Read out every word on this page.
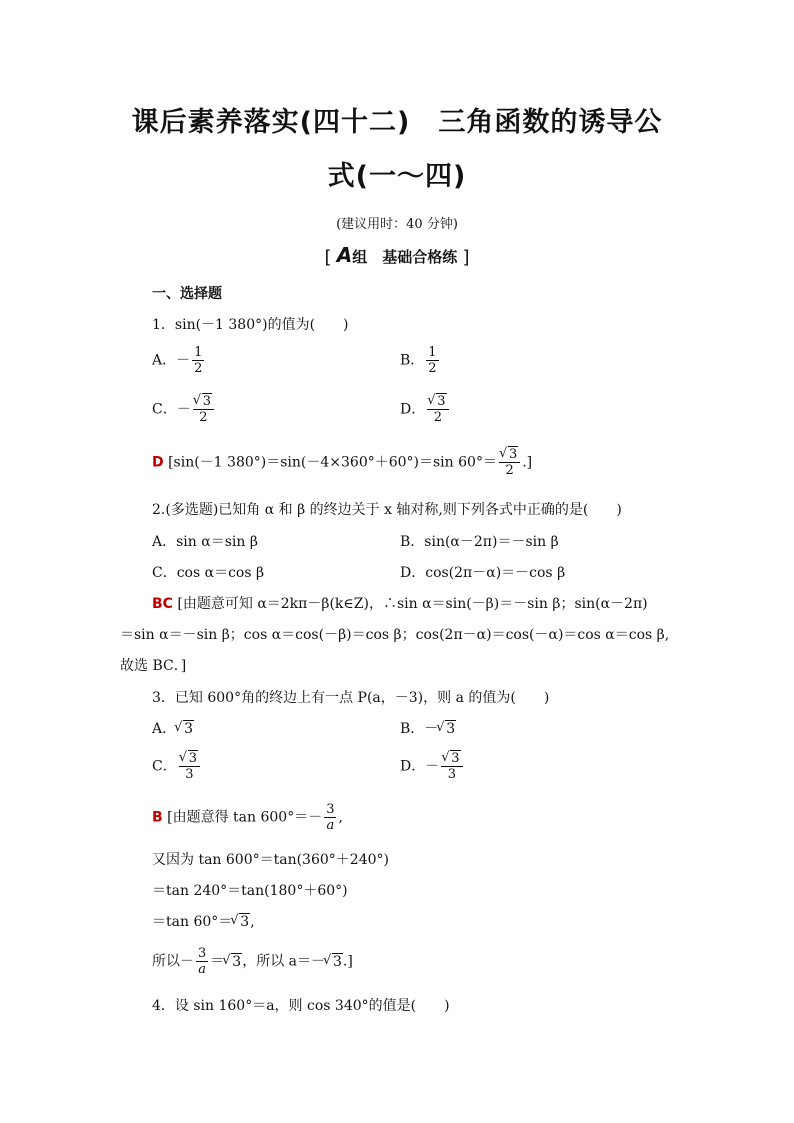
课后素养落实(四十二)　三角函数的诱导公
式(一～四)
(建议用时：40 分钟)
[ A组　基础合格练 ]
一、选择题
1．sin(－1 380°)的值为(　　)
A．－ $\frac{1}{2}$	B． $\frac{1}{2}$
C．－ √ $\frac{3}{2}$	D． √ $\frac{3}{2}$
D [sin(－1 380°)＝sin(－4×360°＋60°)＝sin 60°＝ √ $\frac{3}{2}$ .]
2.(多选题)已知角 α 和 β 的终边关于 x 轴对称,则下列各式中正确的是(　　)
A．sin α＝sin β	B．sin(α－2π)＝－sin β
C．cos α＝cos β	D．cos(2π－α)＝－cos β
BC [由题意可知 α＝2kπ－β(k∈Z)，∴sin α＝sin(－β)＝－sin β；sin(α－2π)
＝sin α＝－sin β；cos α＝cos(－β)＝cos β；cos(2π－α)＝cos(－α)＝cos α＝cos β,
故选 BC．]
3．已知 600°角的终边上有一点 P(a，－3)，则 a 的值为(　　)
A． √ 3	B．－ √ 3
C． √ $\frac{3}{3}$	D．－ √ $\frac{3}{3}$
B [由题意得 $\tan 600^\circ=- \frac{3}{a}$ ,
又因为 tan 600°＝tan(360°＋240°)
＝tan 240°＝tan(180°＋60°)
＝tan 60°＝ √ 3,
所以－ $\frac{3}{a}$ ＝ √ 3，所以 a＝－ √ 3.]
4．设 sin 160°＝a，则 cos 340°的值是(　　)
